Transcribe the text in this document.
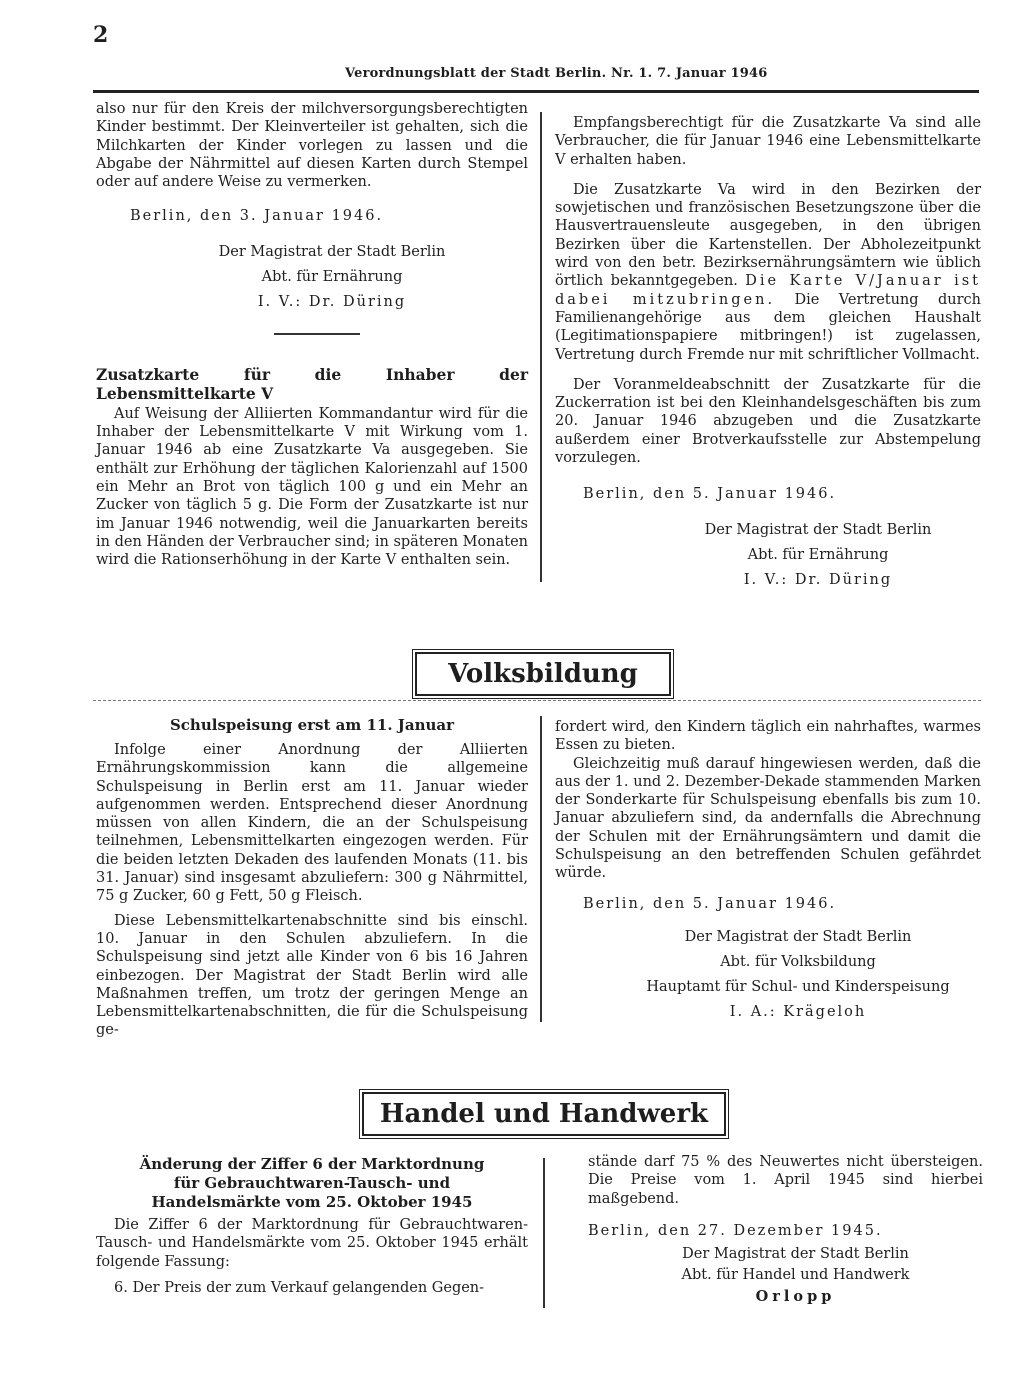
2
Verordnungsblatt der Stadt Berlin. Nr. 1. 7. Januar 1946

also nur für den Kreis der milchversorgungsberechtigten Kinder bestimmt. Der Kleinverteiler ist gehalten, sich die Milchkarten der Kinder vorlegen zu lassen und die Abgabe der Nährmittel auf diesen Karten durch Stempel oder auf andere Weise zu vermerken.

Berlin, den 3. Januar 1946.

Der Magistrat der Stadt Berlin
Abt. für Ernährung
I. V.: Dr. Düring
Zusatzkarte für die Inhaber der Lebensmittelkarte V

Auf Weisung der Alliierten Kommandantur wird für die Inhaber der Lebensmittelkarte V mit Wirkung vom 1. Januar 1946 ab eine Zusatzkarte Va ausgegeben. Sie enthält zur Erhöhung der täglichen Kalorienzahl auf 1500 ein Mehr an Brot von täglich 100 g und ein Mehr an Zucker von täglich 5 g. Die Form der Zusatzkarte ist nur im Januar 1946 notwendig, weil die Januarkarten bereits in den Händen der Verbraucher sind; in späteren Monaten wird die Rationserhöhung in der Karte V enthalten sein.

Empfangsberechtigt für die Zusatzkarte Va sind alle Verbraucher, die für Januar 1946 eine Lebensmittelkarte V erhalten haben.

Die Zusatzkarte Va wird in den Bezirken der sowjetischen und französischen Besetzungszone über die Hausvertrauensleute ausgegeben, in den übrigen Bezirken über die Kartenstellen. Der Abholezeitpunkt wird von den betr. Bezirksernährungsämtern wie üblich örtlich bekanntgegeben. Die Karte V/Januar ist dabei mitzubringen. Die Vertretung durch Familienangehörige aus dem gleichen Haushalt (Legitimationspapiere mitbringen!) ist zugelassen, Vertretung durch Fremde nur mit schriftlicher Vollmacht.

Der Voranmeldeabschnitt der Zusatzkarte für die Zuckerration ist bei den Kleinhandelsgeschäften bis zum 20. Januar 1946 abzugeben und die Zusatzkarte außerdem einer Brotverkaufsstelle zur Abstempelung vorzulegen.

Berlin, den 5. Januar 1946.

Der Magistrat der Stadt Berlin
Abt. für Ernährung
I. V.: Dr. Düring
Volksbildung
Schulspeisung erst am 11. Januar

Infolge einer Anordnung der Alliierten Ernährungskommission kann die allgemeine Schulspeisung in Berlin erst am 11. Januar wieder aufgenommen werden. Entsprechend dieser Anordnung müssen von allen Kindern, die an der Schulspeisung teilnehmen, Lebensmittelkarten eingezogen werden. Für die beiden letzten Dekaden des laufenden Monats (11. bis 31. Januar) sind insgesamt abzuliefern: 300 g Nährmittel, 75 g Zucker, 60 g Fett, 50 g Fleisch.

Diese Lebensmittelkartenabschnitte sind bis einschl. 10. Januar in den Schulen abzuliefern. In die Schulspeisung sind jetzt alle Kinder von 6 bis 16 Jahren einbezogen. Der Magistrat der Stadt Berlin wird alle Maßnahmen treffen, um trotz der geringen Menge an Lebensmittelkartenabschnitten, die für die Schulspeisung ge-

fordert wird, den Kindern täglich ein nahrhaftes, warmes Essen zu bieten.

Gleichzeitig muß darauf hingewiesen werden, daß die aus der 1. und 2. Dezember-Dekade stammenden Marken der Sonderkarte für Schulspeisung ebenfalls bis zum 10. Januar abzuliefern sind, da andernfalls die Abrechnung der Schulen mit der Ernährungsämtern und damit die Schulspeisung an den betreffenden Schulen gefährdet würde.

Berlin, den 5. Januar 1946.

Der Magistrat der Stadt Berlin
Abt. für Volksbildung
Hauptamt für Schul- und Kinderspeisung
I. A.: Krägeloh
Handel und Handwerk
Änderung der Ziffer 6 der Marktordnung für Gebrauchtwaren-Tausch- und Handelsmärkte vom 25. Oktober 1945

Die Ziffer 6 der Marktordnung für Gebrauchtwaren-Tausch- und Handelsmärkte vom 25. Oktober 1945 erhält folgende Fassung:

6. Der Preis der zum Verkauf gelangenden Gegen-

stände darf 75 % des Neuwertes nicht übersteigen. Die Preise vom 1. April 1945 sind hierbei maßgebend.

Berlin, den 27. Dezember 1945.

Der Magistrat der Stadt Berlin
Abt. für Handel und Handwerk
Orlopp
